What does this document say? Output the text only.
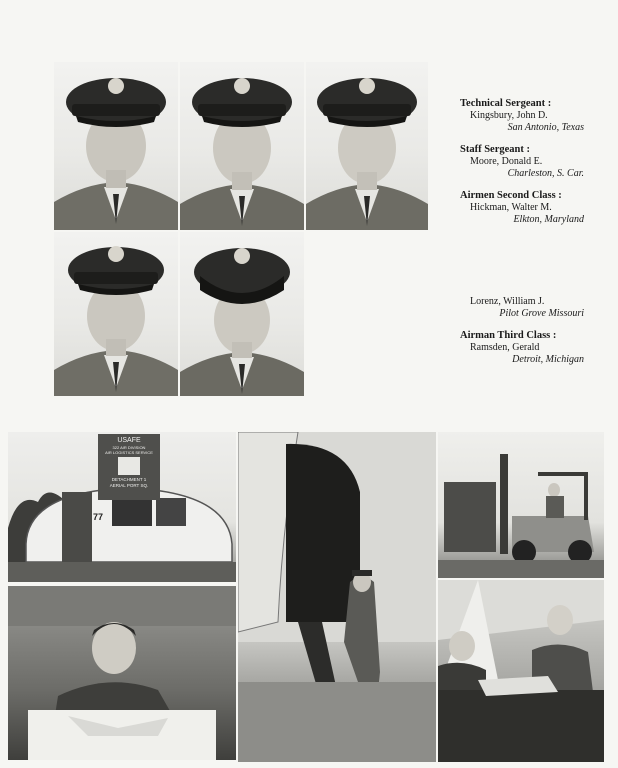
Technical Sergeant :
Kingsbury, John D.
San Antonio, Texas
Staff Sergeant :
Moore, Donald E.
Charleston, S. Car.
Airmen Second Class :
Hickman, Walter M.
Elkton, Maryland
Lorenz, William J.
Pilot Grove Missouri
Airman Third Class :
Ramsden, Gerald
Detroit, Michigan
USAFE
322 AIR DIVISION
AIR LOGISTICS SERVICE
DETACHMENT 1
AERIAL PORT SQ.
77
